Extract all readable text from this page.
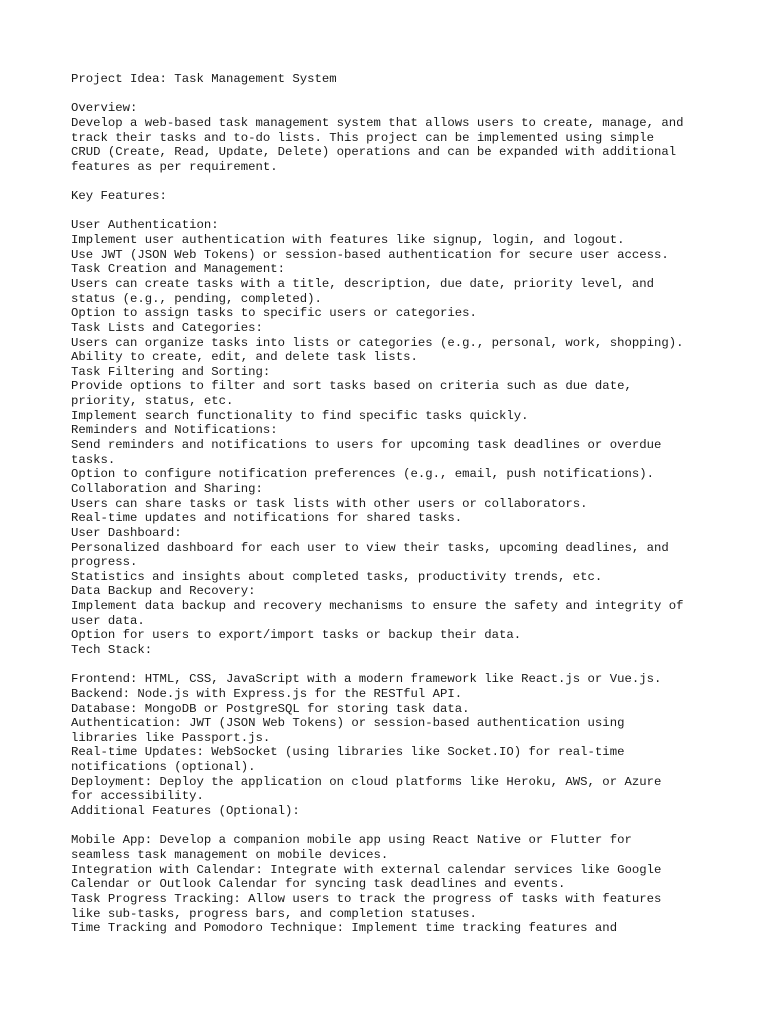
Project Idea: Task Management System
Overview:
Develop a web-based task management system that allows users to create, manage, and
track their tasks and to-do lists. This project can be implemented using simple
CRUD (Create, Read, Update, Delete) operations and can be expanded with additional
features as per requirement.
Key Features:
User Authentication:
Implement user authentication with features like signup, login, and logout.
Use JWT (JSON Web Tokens) or session-based authentication for secure user access.
Task Creation and Management:
Users can create tasks with a title, description, due date, priority level, and
status (e.g., pending, completed).
Option to assign tasks to specific users or categories.
Task Lists and Categories:
Users can organize tasks into lists or categories (e.g., personal, work, shopping).
Ability to create, edit, and delete task lists.
Task Filtering and Sorting:
Provide options to filter and sort tasks based on criteria such as due date,
priority, status, etc.
Implement search functionality to find specific tasks quickly.
Reminders and Notifications:
Send reminders and notifications to users for upcoming task deadlines or overdue
tasks.
Option to configure notification preferences (e.g., email, push notifications).
Collaboration and Sharing:
Users can share tasks or task lists with other users or collaborators.
Real-time updates and notifications for shared tasks.
User Dashboard:
Personalized dashboard for each user to view their tasks, upcoming deadlines, and
progress.
Statistics and insights about completed tasks, productivity trends, etc.
Data Backup and Recovery:
Implement data backup and recovery mechanisms to ensure the safety and integrity of
user data.
Option for users to export/import tasks or backup their data.
Tech Stack:
Frontend: HTML, CSS, JavaScript with a modern framework like React.js or Vue.js.
Backend: Node.js with Express.js for the RESTful API.
Database: MongoDB or PostgreSQL for storing task data.
Authentication: JWT (JSON Web Tokens) or session-based authentication using
libraries like Passport.js.
Real-time Updates: WebSocket (using libraries like Socket.IO) for real-time
notifications (optional).
Deployment: Deploy the application on cloud platforms like Heroku, AWS, or Azure
for accessibility.
Additional Features (Optional):
Mobile App: Develop a companion mobile app using React Native or Flutter for
seamless task management on mobile devices.
Integration with Calendar: Integrate with external calendar services like Google
Calendar or Outlook Calendar for syncing task deadlines and events.
Task Progress Tracking: Allow users to track the progress of tasks with features
like sub-tasks, progress bars, and completion statuses.
Time Tracking and Pomodoro Technique: Implement time tracking features and
